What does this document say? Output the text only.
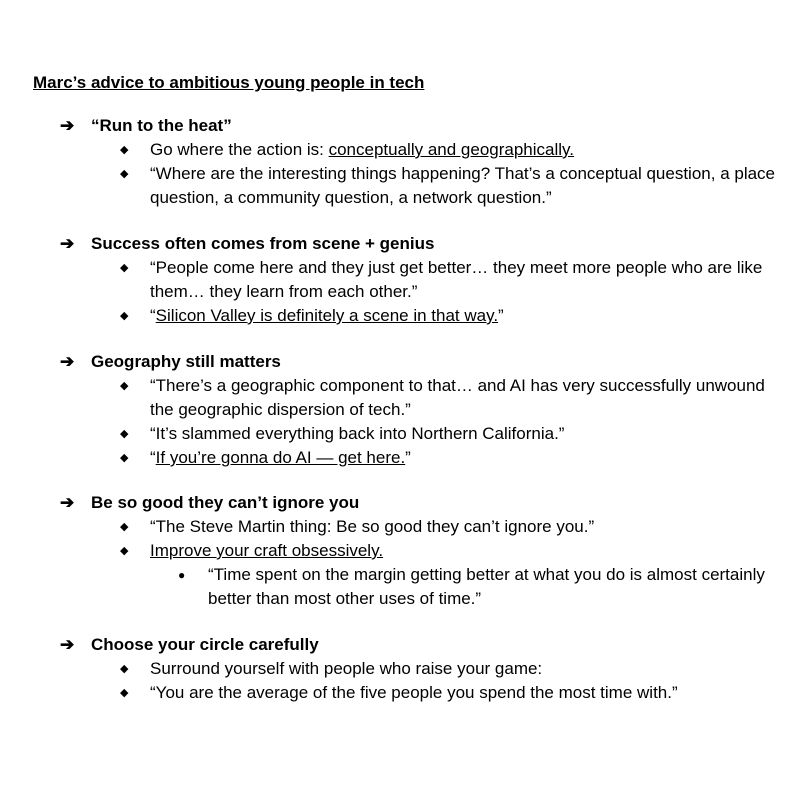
Marc’s advice to ambitious young people in tech
➔ “Run to the heat”

◆ Go where the action is: conceptually and geographically.

◆ “Where are the interesting things happening? That’s a conceptual question, a place question, a community question, a network question.”

➔ Success often comes from scene + genius

◆ “People come here and they just get better… they meet more people who are like them… they learn from each other.”

◆ “Silicon Valley is definitely a scene in that way.”

➔ Geography still matters

◆ “There’s a geographic component to that… and AI has very successfully unwound the geographic dispersion of tech.”

◆ “It’s slammed everything back into Northern California.”

◆ “If you’re gonna do AI — get here.”

➔ Be so good they can’t ignore you

◆ “The Steve Martin thing: Be so good they can’t ignore you.”

◆ Improve your craft obsessively.

● “Time spent on the margin getting better at what you do is almost certainly better than most other uses of time.”

➔ Choose your circle carefully

◆ Surround yourself with people who raise your game:

◆ “You are the average of the five people you spend the most time with.”
